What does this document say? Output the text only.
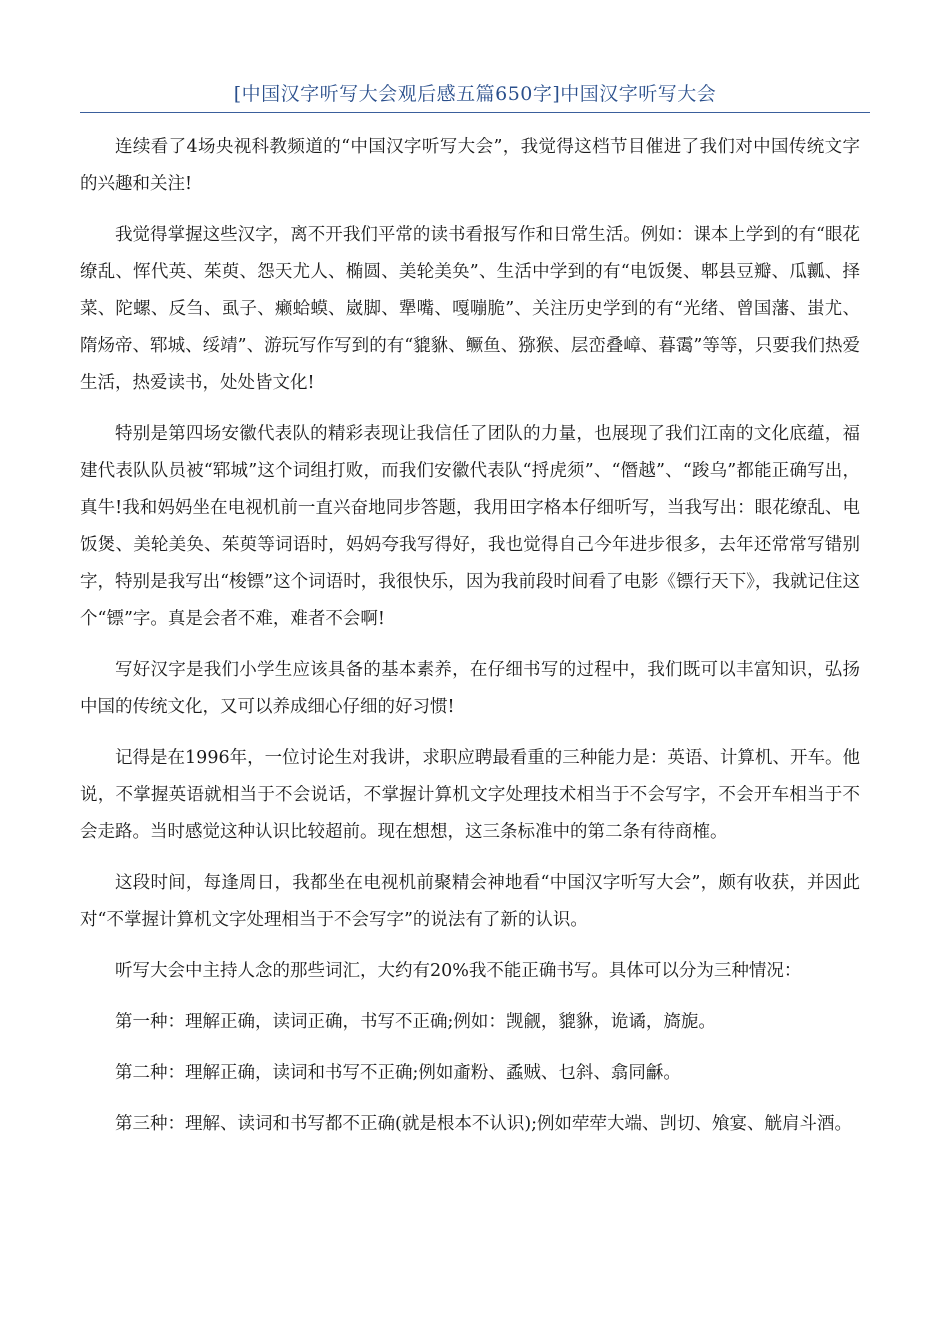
[中国汉字听写大会观后感五篇650字]中国汉字听写大会

连续看了4场央视科教频道的“中国汉字听写大会”，我觉得这档节目催进了我们对中国传统文字的兴趣和关注!

我觉得掌握这些汉字，离不开我们平常的读书看报写作和日常生活。例如：课本上学到的有“眼花缭乱、恽代英、茱萸、怨天尤人、椭圆、美轮美奂”、生活中学到的有“电饭煲、郫县豆瓣、瓜瓤、择菜、陀螺、反刍、虱子、癞蛤蟆、崴脚、犟嘴、嘎嘣脆”、关注历史学到的有“光绪、曾国藩、蚩尤、隋炀帝、郓城、绥靖”、游玩写作写到的有“貔貅、鳜鱼、猕猴、层峦叠嶂、暮霭”等等，只要我们热爱生活，热爱读书，处处皆文化!

特别是第四场安徽代表队的精彩表现让我信任了团队的力量，也展现了我们江南的文化底蕴，福建代表队队员被“郓城”这个词组打败，而我们安徽代表队“捋虎须”、“僭越”、“踆乌”都能正确写出，真牛!我和妈妈坐在电视机前一直兴奋地同步答题，我用田字格本仔细听写，当我写出：眼花缭乱、电饭煲、美轮美奂、茱萸等词语时，妈妈夸我写得好，我也觉得自己今年进步很多，去年还常常写错别字，特别是我写出“梭镖”这个词语时，我很快乐，因为我前段时间看了电影《镖行天下》，我就记住这个“镖”字。真是会者不难，难者不会啊!

写好汉字是我们小学生应该具备的基本素养，在仔细书写的过程中，我们既可以丰富知识，弘扬中国的传统文化，又可以养成细心仔细的好习惯!

记得是在1996年，一位讨论生对我讲，求职应聘最看重的三种能力是：英语、计算机、开车。他说，不掌握英语就相当于不会说话，不掌握计算机文字处理技术相当于不会写字，不会开车相当于不会走路。当时感觉这种认识比较超前。现在想想，这三条标准中的第二条有待商榷。

这段时间，每逢周日，我都坐在电视机前聚精会神地看“中国汉字听写大会”，颇有收获，并因此对“不掌握计算机文字处理相当于不会写字”的说法有了新的认识。

听写大会中主持人念的那些词汇，大约有20%我不能正确书写。具体可以分为三种情况：

第一种：理解正确，读词正确，书写不正确;例如：觊觎，貔貅，诡谲，旖旎。

第二种：理解正确，读词和书写不正确;例如齑粉、蟊贼、乜斜、翕同龢。

第三种：理解、读词和书写都不正确(就是根本不认识);例如荦荦大端、剀切、飧宴、觥肩斗酒。
